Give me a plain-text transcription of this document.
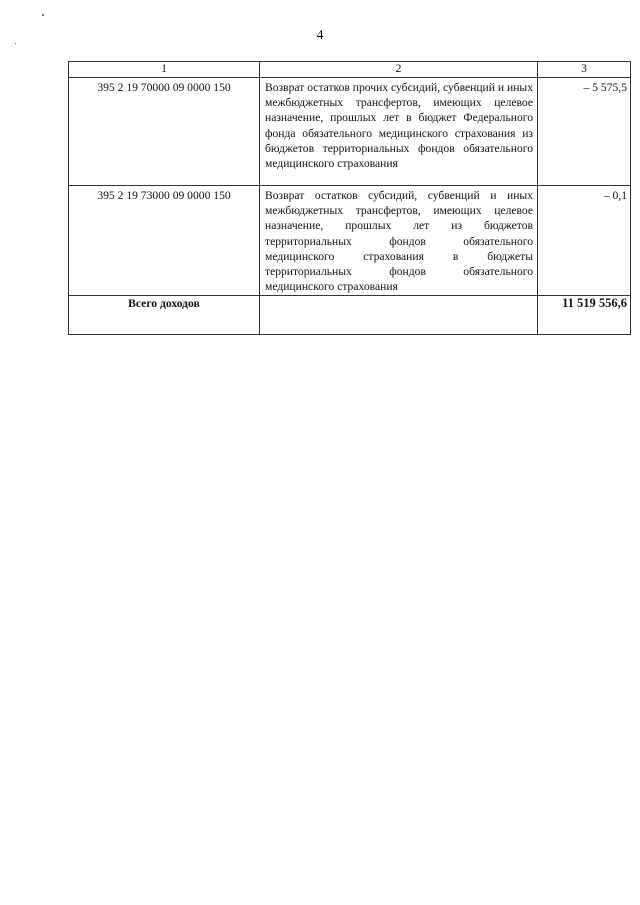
4
1	2	3
395 2 19 70000 09 0000 150	Возврат остатков прочих субсидий, субвенций и иных межбюджетных трансфертов, имеющих целевое назначение, прошлых лет в бюджет Федерального фонда обязательного медицинского страхования из бюджетов территориальных фондов обязательного медицинского страхования	– 5 575,5
395 2 19 73000 09 0000 150	Возврат остатков субсидий, субвенций и иных межбюджетных трансфертов, имеющих целевое назначение, прошлых лет из бюджетов территориальных фондов обязательного медицинского страхования в бюджеты территориальных фондов обязательного медицинского страхования	– 0,1
Всего доходов		11 519 556,6
